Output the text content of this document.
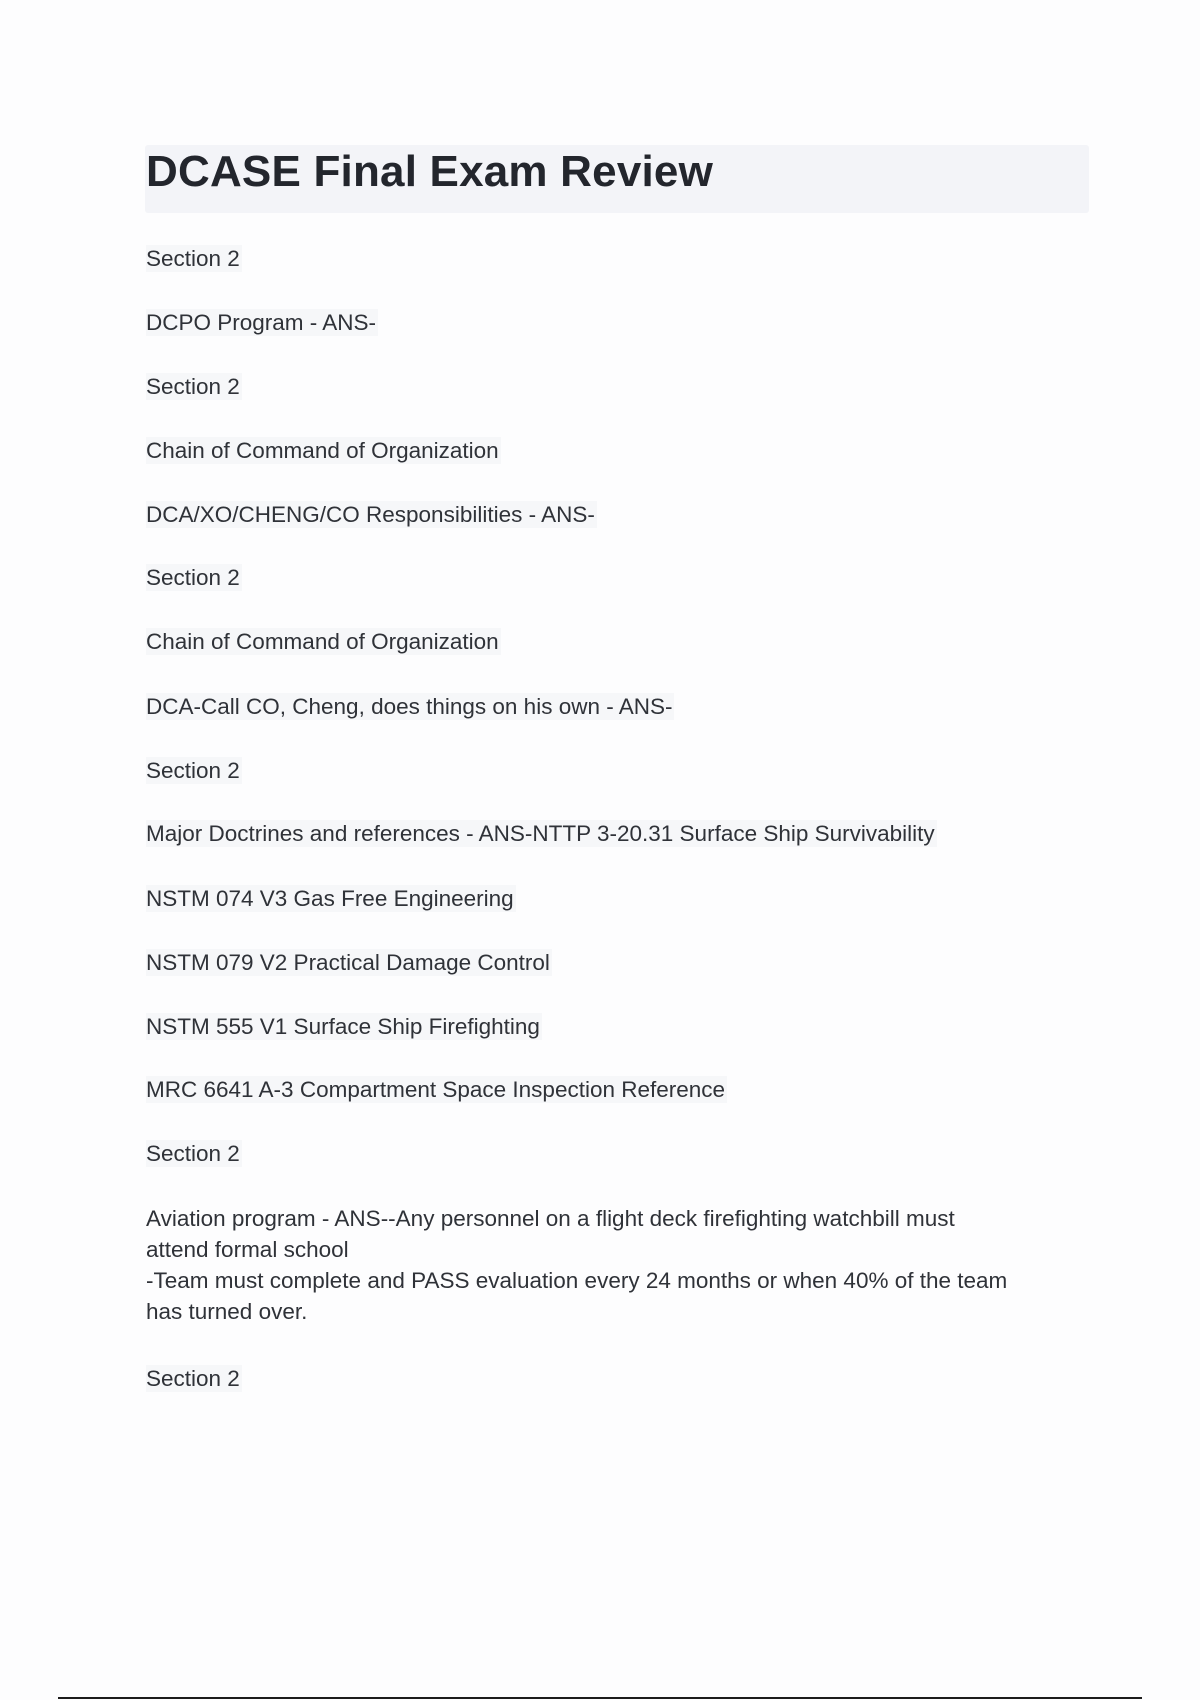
DCASE Final Exam Review

Section 2

DCPO Program - ANS-

Section 2

Chain of Command of Organization

DCA/XO/CHENG/CO Responsibilities - ANS-

Section 2

Chain of Command of Organization

DCA-Call CO, Cheng, does things on his own - ANS-

Section 2

Major Doctrines and references - ANS-NTTP 3-20.31 Surface Ship Survivability

NSTM 074 V3 Gas Free Engineering

NSTM 079 V2 Practical Damage Control

NSTM 555 V1 Surface Ship Firefighting

MRC 6641 A-3 Compartment Space Inspection Reference

Section 2

Aviation program - ANS--Any personnel on a flight deck firefighting watchbill must
attend formal school
-Team must complete and PASS evaluation every 24 months or when 40% of the team
has turned over.

Section 2
